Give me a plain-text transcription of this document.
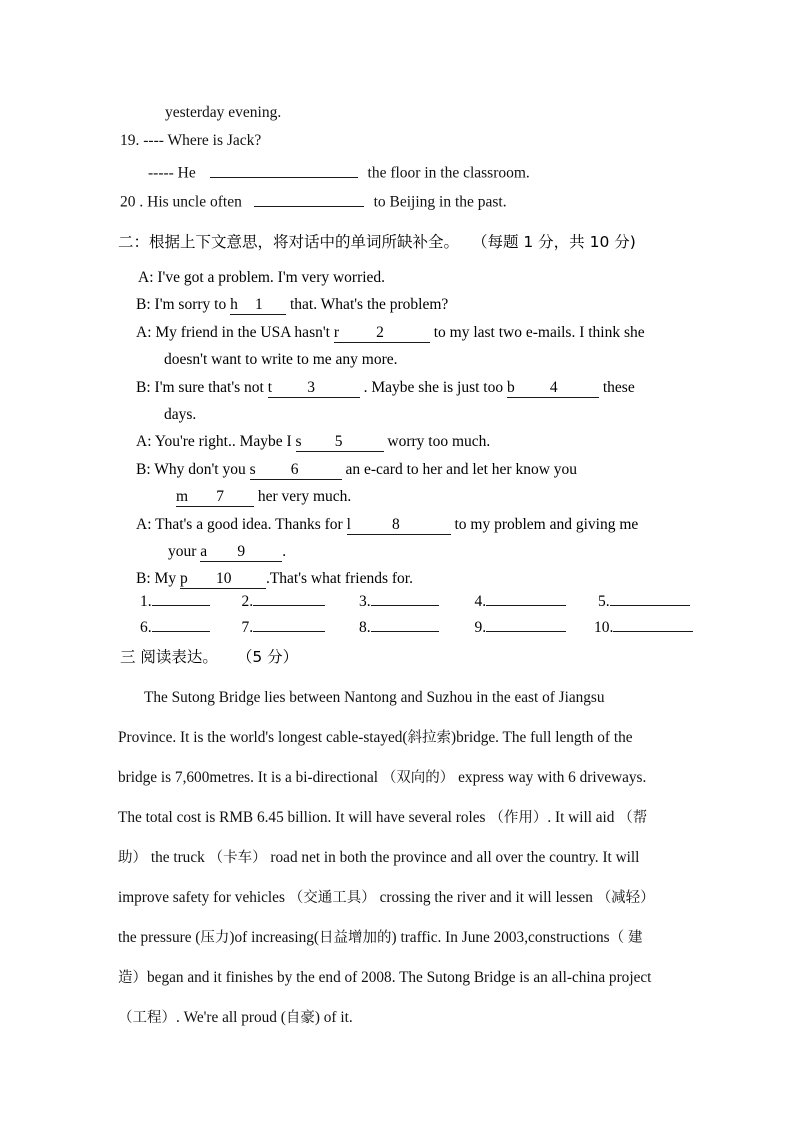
yesterday evening.
19. ---- Where is Jack?
----- He	the floor in the classroom.
20 . His uncle often	to Beijing in the past.
二：根据上下文意思，将对话中的单词所缺补全。 （每题 1 分，共 10 分)
A: I've got a problem. I'm very worried.
B: I'm sorry to h 1 that. What's the problem?
A: My friend in the USA hasn't r 2	to my last two e-mails. I think she
doesn't want to write to me any more.
B: I'm sure that's not t 3	. Maybe she is just too b 4	these
days.
A: You're right.. Maybe I s 5	worry too much.
B: Why don't you s 6	an e-card to her and let her know you
m 7 her very much.
A: That's a good idea. Thanks for l	8	to my problem and giving me
your a 9 .
B: My p 10 .That's what friends for.
1.	2.	3.	4.	5.
6.	7.	8.	9.	10.
三 阅读表达。 （5 分）
The Sutong Bridge lies between Nantong and Suzhou in the east of Jiangsu
Province. It is the world's longest cable-stayed(斜拉索)bridge. The full length of the
bridge is 7,600metres. It is a bi-directional （双向的） express way with 6 driveways.
The total cost is RMB 6.45 billion. It will have several roles （作用）. It will aid （帮
助） the truck （卡车） road net in both the province and all over the country. It will
improve safety for vehicles （交通工具） crossing the river and it will lessen （减轻）
the pressure (压力)of increasing(日益增加的) traffic. In June 2003,constructions（ 建
造）began and it finishes by the end of 2008. The Sutong Bridge is an all-china project
（工程）. We're all proud (自豪) of it.
